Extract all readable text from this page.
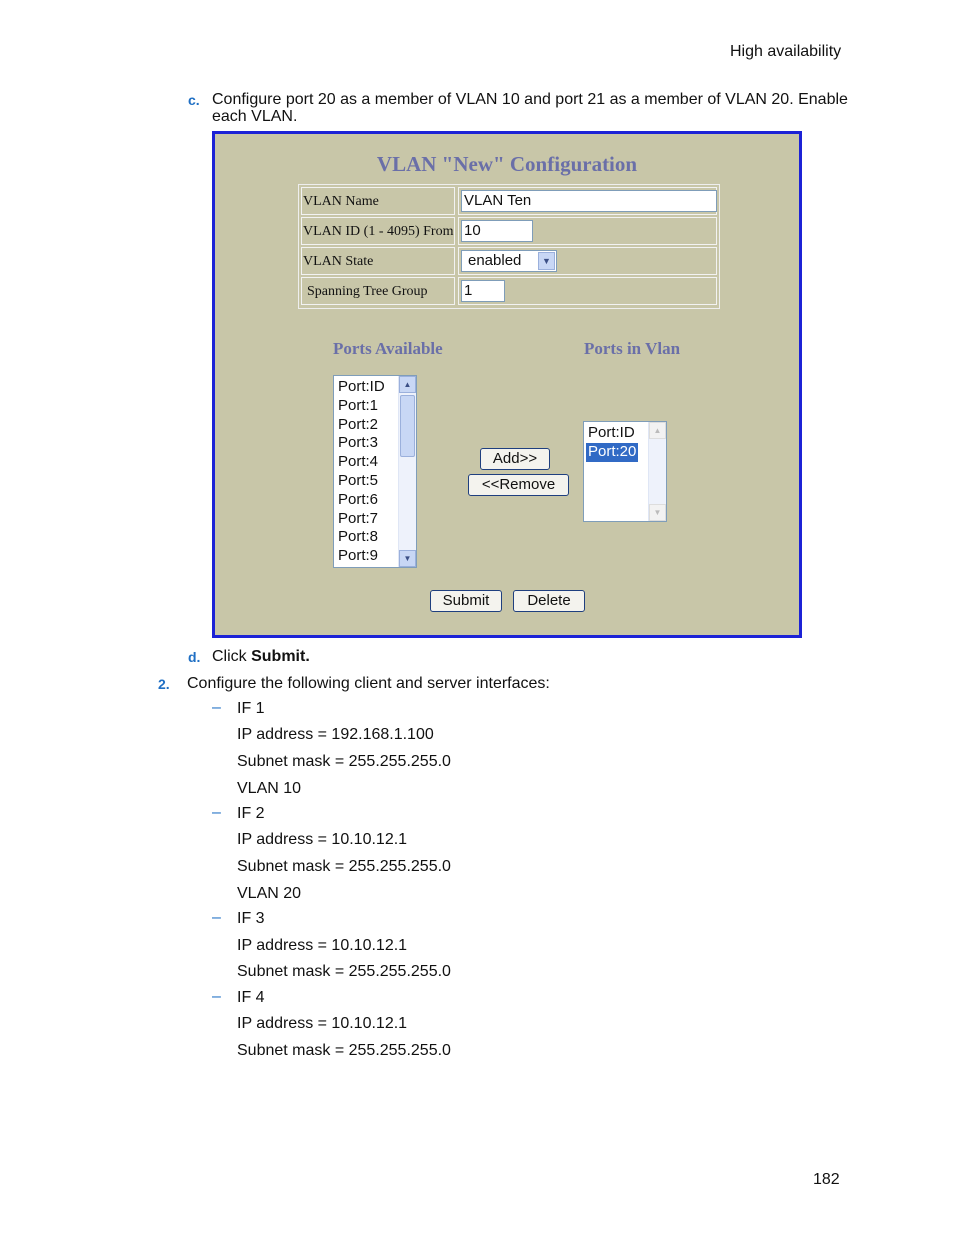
High availability
c. Configure port 20 as a member of VLAN 10 and port 21 as a member of VLAN 20. Enable
each VLAN.
VLAN "New" Configuration
VLAN Name	VLAN Ten
VLAN ID (1 - 4095) From 10
VLAN State	enabled	▼
Spanning Tree Group	1
Ports Available	Ports in Vlan
Port:ID
Port:1
Port:2
Port:3
Port:4
Port:5
Port:6
Port:7
Port:8
Port:9
▲
▼
Add>>
<<Remove
Port:ID
Port:20
▲
▼
Submit	Delete
d. Click Submit.
2. Configure the following client and server interfaces:
– IF 1
IP address = 192.168.1.100
Subnet mask = 255.255.255.0
VLAN 10
– IF 2
IP address = 10.10.12.1
Subnet mask = 255.255.255.0
VLAN 20
– IF 3
IP address = 10.10.12.1
Subnet mask = 255.255.255.0
– IF 4
IP address = 10.10.12.1
Subnet mask = 255.255.255.0
182
